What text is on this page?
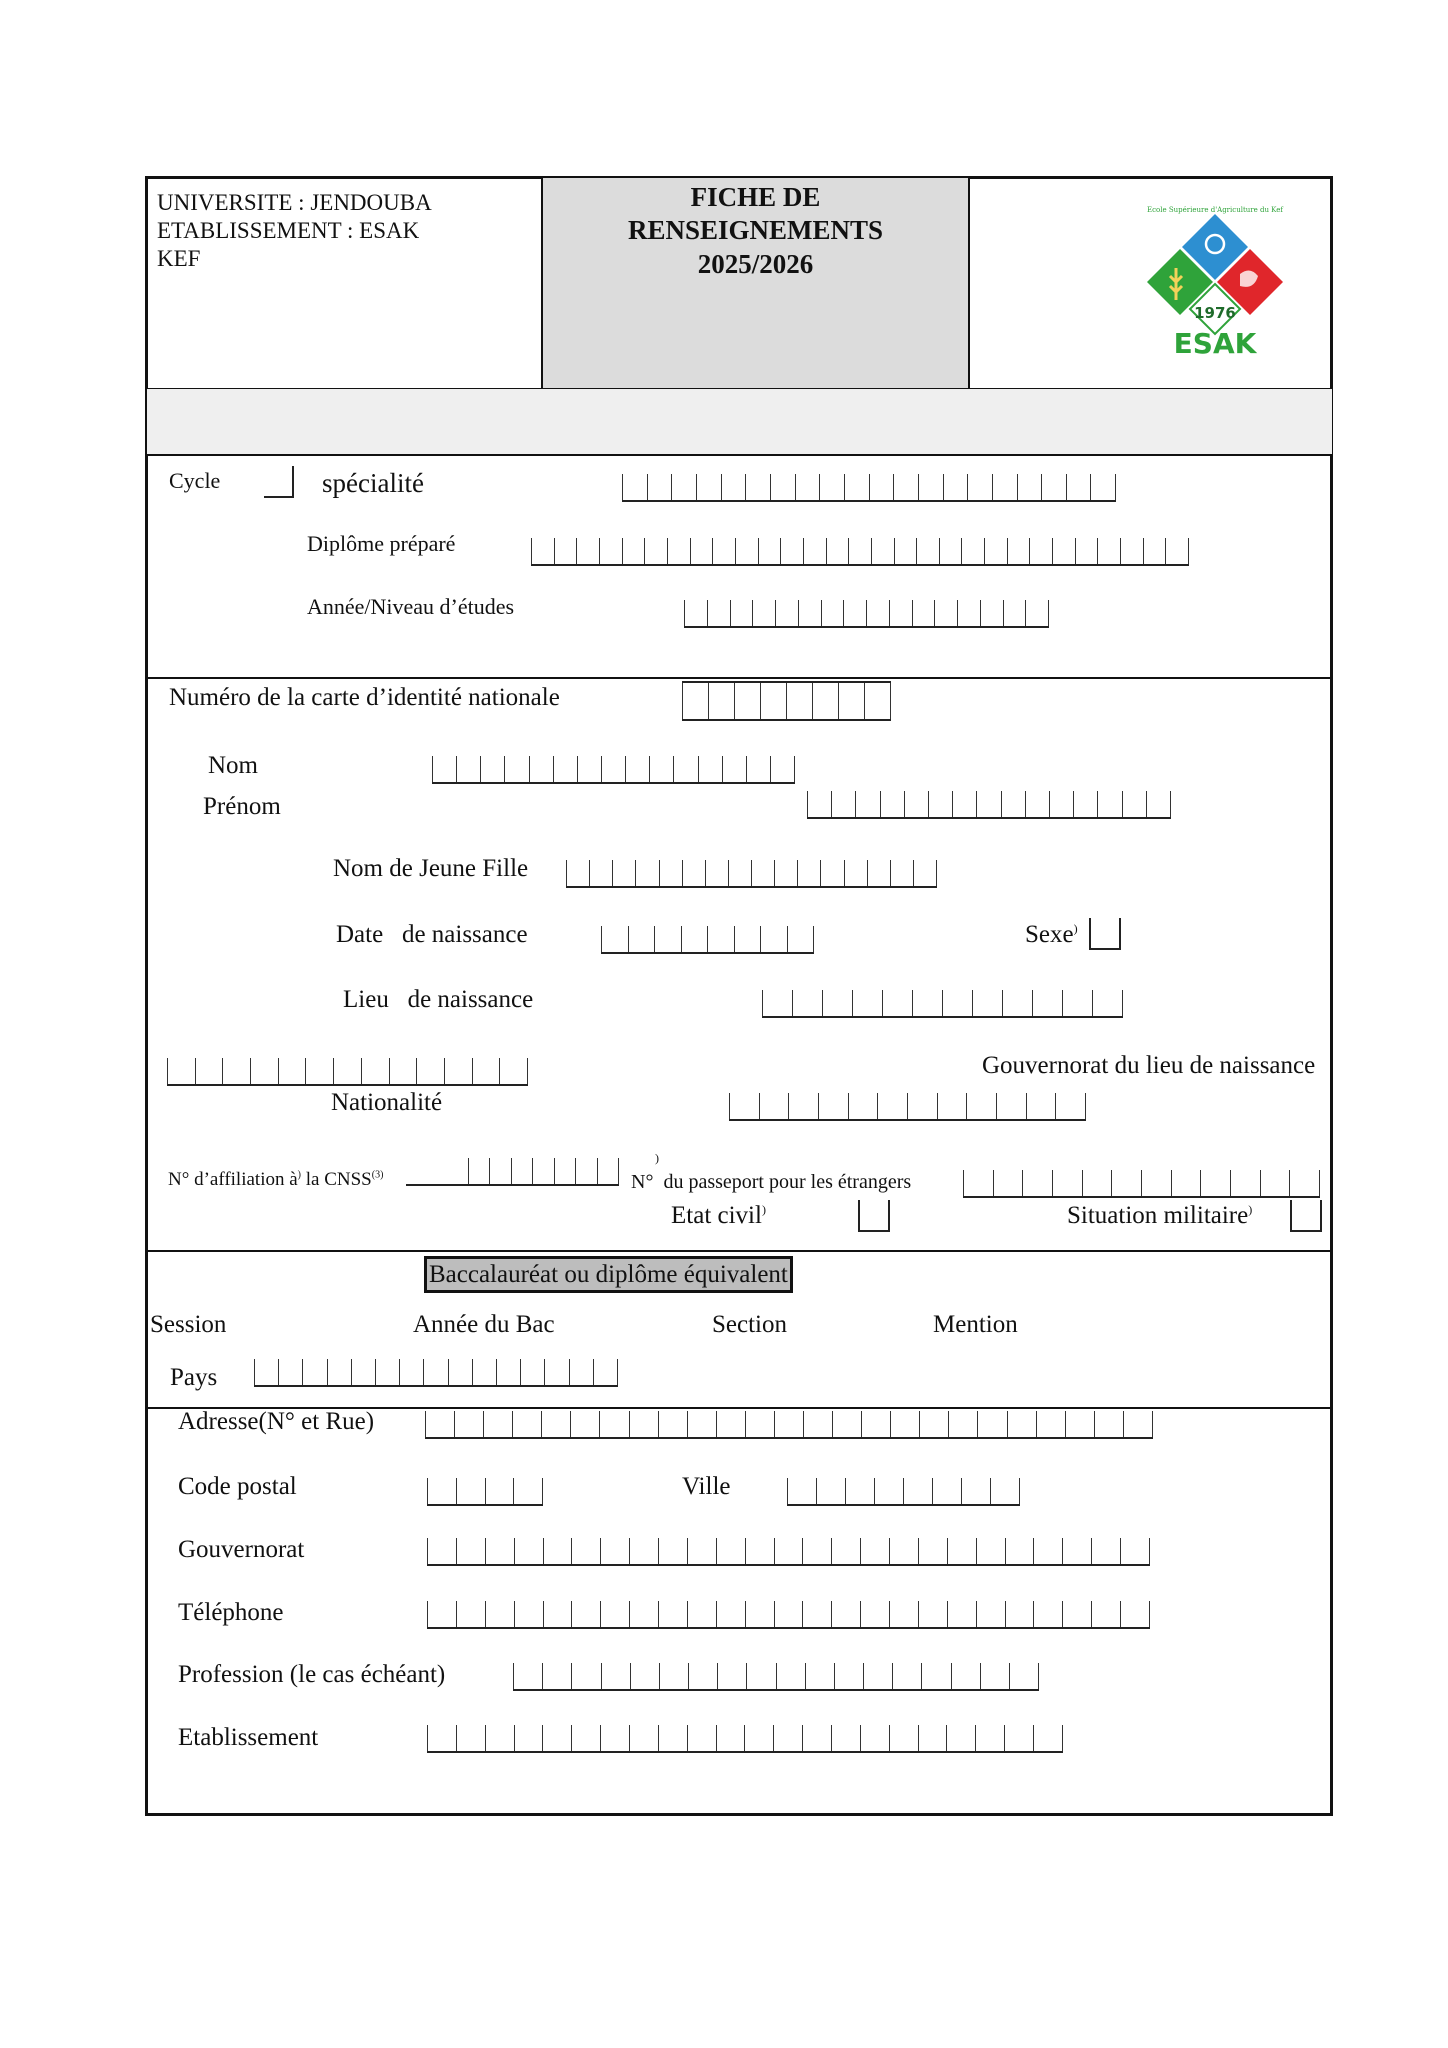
UNIVERSITE : JENDOUBA
ETABLISSEMENT : ESAK
KEF
FICHE DE
RENSEIGNEMENTS
2025/2026
1976
ESAK
Ecole Supérieure d'Agriculture du Kef
Cycle	spécialité
Diplôme préparé
Année/Niveau d’études
Numéro de la carte d’identité nationale
Nom
Prénom
Nom de Jeune Fille
Date   de naissance	Sexe)
Lieu   de naissance
Gouvernorat du lieu de naissance
Nationalité
N° d’affiliation à) la CNSS$^{(3)}$
)
N°  du passeport pour les étrangers
Etat civil)	Situation militaire)
Baccalauréat ou diplôme équivalent
Session	Année du Bac	Section	Mention
Pays
Adresse(N° et Rue)
Code postal	Ville
Gouvernorat
Téléphone
Profession (le cas échéant)
Etablissement
